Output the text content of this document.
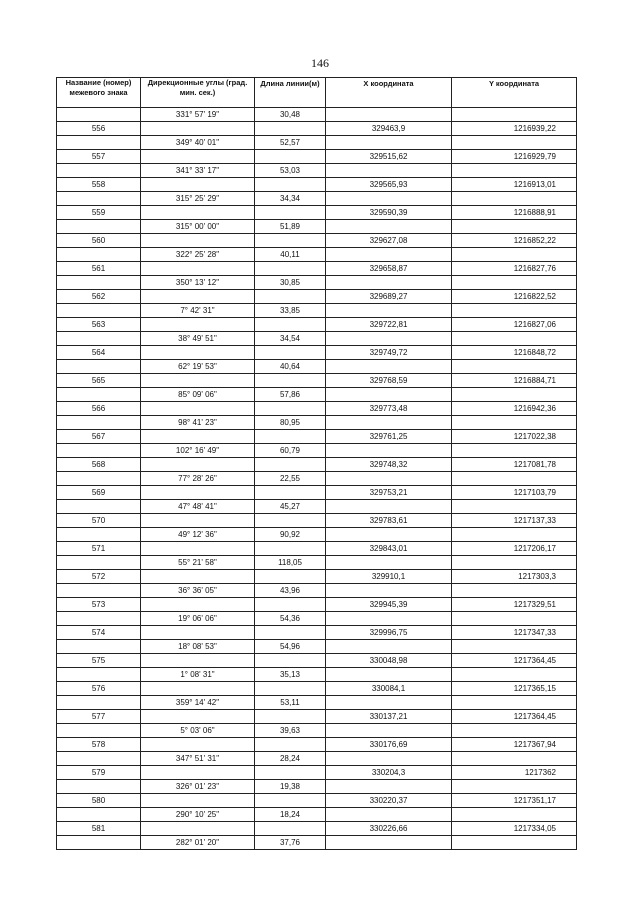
146
Название (номер) межевого знака	Дирекционные углы (град. мин. сек.)	Длина линии(м)	X координата	Y координата
	331° 57' 19"	30,48		
556			329463,9	1216939,22
	349° 40' 01"	52,57		
557			329515,62	1216929,79
	341° 33' 17"	53,03		
558			329565,93	1216913,01
	315° 25' 29"	34,34		
559			329590,39	1216888,91
	315° 00' 00"	51,89		
560			329627,08	1216852,22
	322° 25' 28"	40,11		
561			329658,87	1216827,76
	350° 13' 12"	30,85		
562			329689,27	1216822,52
	7° 42' 31"	33,85		
563			329722,81	1216827,06
	38° 49' 51"	34,54		
564			329749,72	1216848,72
	62° 19' 53"	40,64		
565			329768,59	1216884,71
	85° 09' 06"	57,86		
566			329773,48	1216942,36
	98° 41' 23"	80,95		
567			329761,25	1217022,38
	102° 16' 49"	60,79		
568			329748,32	1217081,78
	77° 28' 26"	22,55		
569			329753,21	1217103,79
	47° 48' 41"	45,27		
570			329783,61	1217137,33
	49° 12' 36"	90,92		
571			329843,01	1217206,17
	55° 21' 58"	118,05		
572			329910,1	1217303,3
	36° 36' 05"	43,96		
573			329945,39	1217329,51
	19° 06' 06"	54,36		
574			329996,75	1217347,33
	18° 08' 53"	54,96		
575			330048,98	1217364,45
	1° 08' 31"	35,13		
576			330084,1	1217365,15
	359° 14' 42"	53,11		
577			330137,21	1217364,45
	5° 03' 06"	39,63		
578			330176,69	1217367,94
	347° 51' 31"	28,24		
579			330204,3	1217362
	326° 01' 23"	19,38		
580			330220,37	1217351,17
	290° 10' 25"	18,24		
581			330226,66	1217334,05
	282° 01' 20"	37,76		
